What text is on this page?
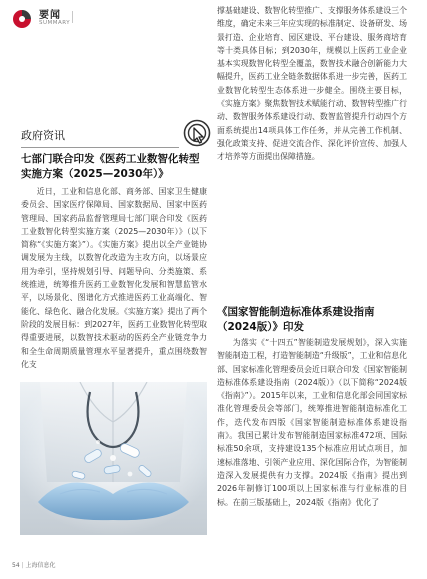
要闻
SUMMARY
政府资讯
七部门联合印发《医药工业数智化转型实施方案（2025—2030年）》
近日，工业和信息化部、商务部、国家卫生健康委员会、国家医疗保障局、国家数据局、国家中医药管理局、国家药品监督管理局七部门联合印发《医药工业数智化转型实施方案（2025—2030年）》（以下简称“《实施方案》”）。《实施方案》提出以全产业链协调发展为主线，以数智化改造为主攻方向，以场景应用为牵引，坚持规划引导、问题导向、分类施策、系统推进，统筹推升医药工业数智化发展和智慧监管水平，以场景化、图谱化方式推进医药工业高端化、智能化、绿色化、融合化发展。《实施方案》提出了两个阶段的发展目标：到2027年，医药工业数智化转型取得重要进展，以数智技术驱动的医药全产业链竞争力和全生命周期质量管理水平显著提升，重点围绕数智化支
撑基础建设、数智化转型推广、支撑服务体系建设三个维度，确定未来三年应实现的标准制定、设备研发、场景打造、企业培育、园区建设、平台建设、服务商培育等十类具体目标；到2030年，规模以上医药工业企业基本实现数智化转型全覆盖，数智技术融合创新能力大幅提升，医药工业全链条数据体系进一步完善，医药工业数智化转型生态体系进一步健全。围绕主要目标，《实施方案》聚焦数智技术赋能行动、数智转型推广行动、数智服务体系建设行动、数智监管提升行动四个方面系统提出14项具体工作任务，并从完善工作机制、强化政策支持、促进交流合作、深化评价宣传、加强人才培养等方面提出保障措施。
《国家智能制造标准体系建设指南（2024版）》印发
为落实《“十四五”智能制造发展规划》，深入实施智能制造工程，打造智能制造“升级版”，工业和信息化部、国家标准化管理委员会近日联合印发《国家智能制造标准体系建设指南（2024版）》（以下简称“2024版《指南》”）。2015年以来，工业和信息化部会同国家标准化管理委员会等部门，统筹推进智能制造标准化工作，迭代发布四版《国家智能制造标准体系建设指南》。我国已累计发布智能制造国家标准472项、国际标准50余项，支持建设135个标准应用试点项目，加速标准落地、引领产业应用、深化国际合作，为智能制造深入发展提供有力支撑。2024版《指南》提出到2026年制修订100项以上国家标准与行业标准的目标。在前三版基础上，2024版《指南》优化了
54 | 上海信息化
